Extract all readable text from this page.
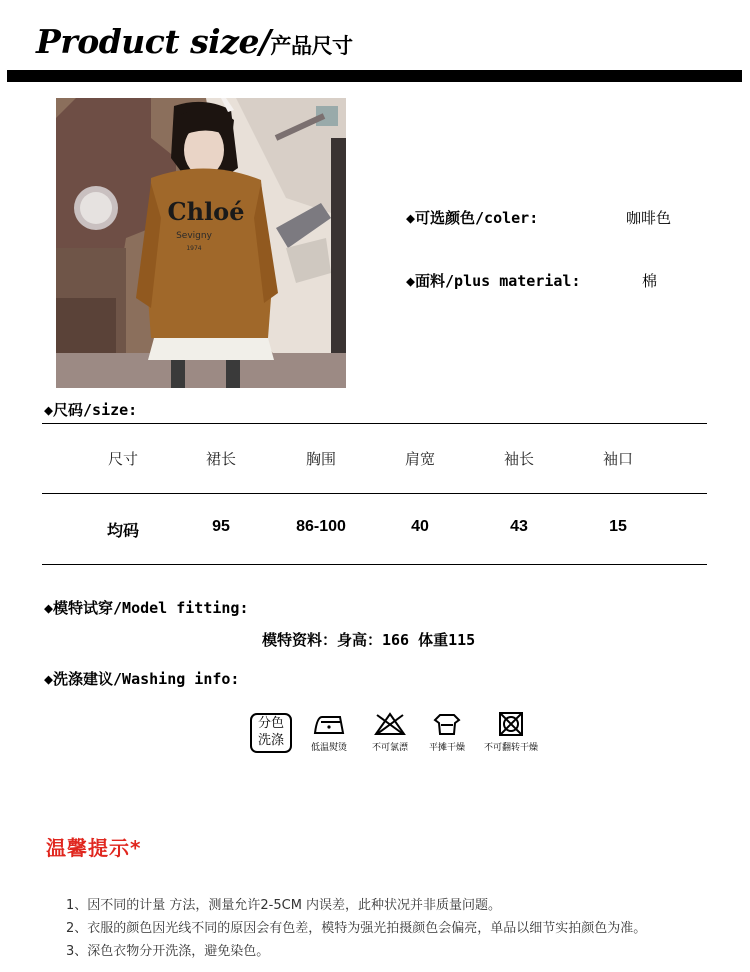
Product size/产品尺寸
Chloé
Sevigny
1974
◆可选颜色/coler:	咖啡色
◆面料/plus material:	棉
◆尺码/size:
尺寸	裙长	胸围	肩宽	袖长	袖口
均码	95	86-100	40	43	15
◆模特试穿/Model fitting:
模特资料：身高：166 体重115
◆洗涤建议/Washing info:
分色
洗涤	低温熨烫	不可氯漂	平摊干燥	不可翻转干燥
温馨提示*
1、因不同的计量 方法，测量允许2-5CM 内误差，此种状况并非质量问题。
2、衣服的颜色因光线不同的原因会有色差，模特为强光拍摄颜色会偏亮，单品以细节实拍颜色为准。
3、深色衣物分开洗涤，避免染色。
